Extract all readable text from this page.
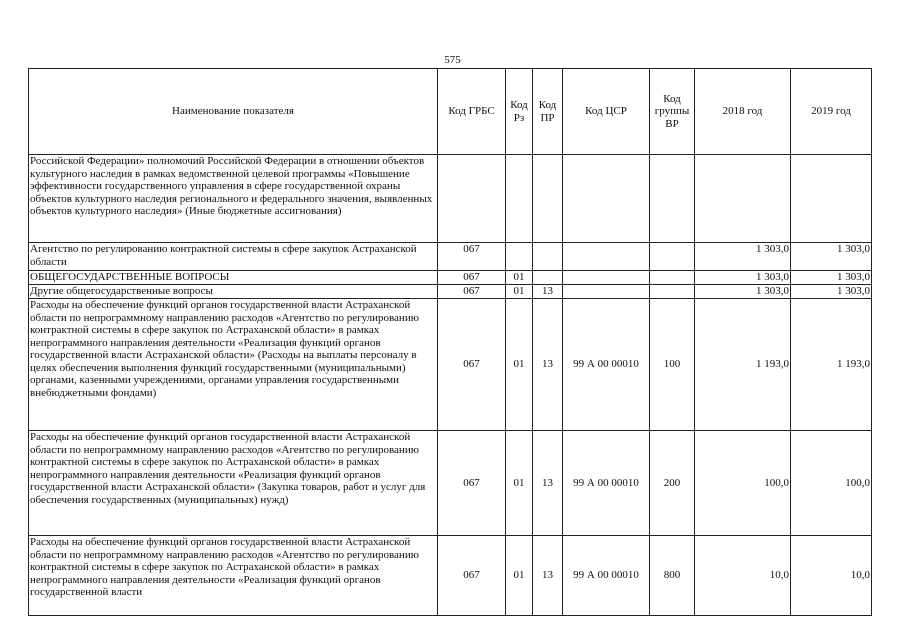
575
Наименование показателя	Код ГРБС	Код Рз	Код ПР	Код ЦСР	Код группы ВР	2018 год	2019 год
Российской Федерации» полномочий Российской Федерации в отношении объектов культурного наследия в рамках ведомственной целевой программы «Повышение эффективности государственного управления в сфере государственной охраны объектов культурного наследия регионального и федерального значения, выявленных объектов культурного наследия» (Иные бюджетные ассигнования)							
Агентство по регулированию контрактной системы в сфере закупок Астраханской области	067					1 303,0	1 303,0
ОБЩЕГОСУДАРСТВЕННЫЕ ВОПРОСЫ	067	01				1 303,0	1 303,0
Другие общегосударственные вопросы	067	01	13			1 303,0	1 303,0
Расходы на обеспечение функций органов государственной власти Астраханской области по непрограммному направлению расходов «Агентство по регулированию контрактной системы в сфере закупок по Астраханской области» в рамках непрограммного направления деятельности «Реализация функций органов государственной власти Астраханской области» (Расходы на выплаты персоналу в целях обеспечения выполнения функций государственными (муниципальными) органами, казенными учреждениями, органами управления государственными внебюджетными фондами)	067	01	13	99 А 00 00010	100	1 193,0	1 193,0
Расходы на обеспечение функций органов государственной власти Астраханской области по непрограммному направлению расходов «Агентство по регулированию контрактной системы в сфере закупок по Астраханской области» в рамках непрограммного направления деятельности «Реализация функций органов государственной власти Астраханской области» (Закупка товаров, работ и услуг для обеспечения государственных (муниципальных) нужд)	067	01	13	99 А 00 00010	200	100,0	100,0
Расходы на обеспечение функций органов государственной власти Астраханской области по непрограммному направлению расходов «Агентство по регулированию контрактной системы в сфере закупок по Астраханской области» в рамках непрограммного направления деятельности «Реализация функций органов государственной власти	067	01	13	99 А 00 00010	800	10,0	10,0
